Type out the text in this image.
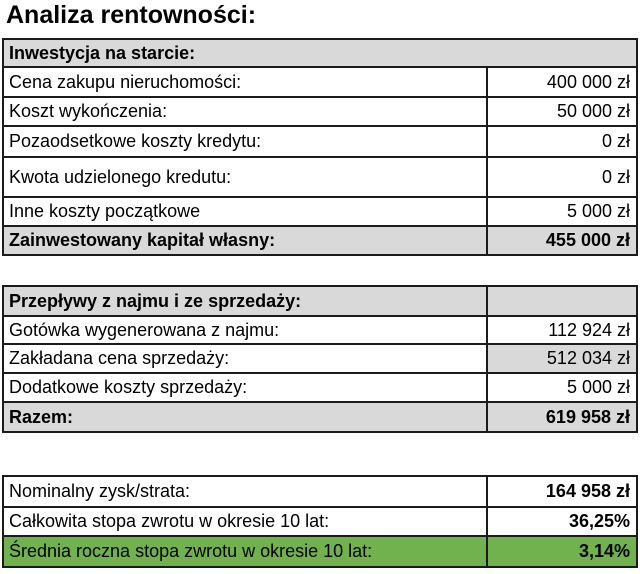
Analiza rentowności:
Inwestycja na starcie:
Cena zakupu nieruchomości:	400 000 zł
Koszt wykończenia:	50 000 zł
Pozaodsetkowe koszty kredytu:	0 zł
Kwota udzielonego kredutu:	0 zł
Inne koszty początkowe	5 000 zł
Zainwestowany kapitał własny:	455 000 zł
Przepływy z najmu i ze sprzedaży:
Gotówka wygenerowana z najmu:	112 924 zł
Zakładana cena sprzedaży:	512 034 zł
Dodatkowe koszty sprzedaży:	5 000 zł
Razem:	619 958 zł
Nominalny zysk/strata:	164 958 zł
Całkowita stopa zwrotu w okresie 10 lat:	36,25%
Średnia roczna stopa zwrotu w okresie 10 lat:	3,14%
